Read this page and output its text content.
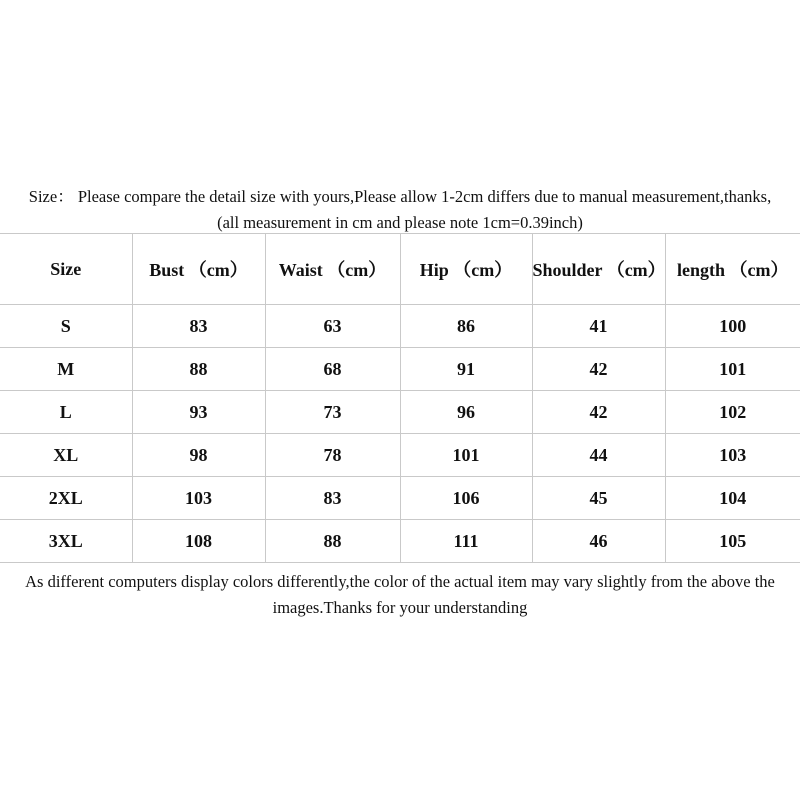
Size： Please compare the detail size with yours,Please allow 1-2cm differs due to manual measurement,thanks,(all measurement in cm and please note 1cm=0.39inch)
Size	Bust （cm）	Waist （cm）	Hip （cm）	Shoulder （cm）	length （cm）
S	83	63	86	41	100
M	88	68	91	42	101
L	93	73	96	42	102
XL	98	78	101	44	103
2XL	103	83	106	45	104
3XL	108	88	111	46	105
As different computers display colors differently,the color of the actual item may vary slightly from the above the images.Thanks for your understanding
